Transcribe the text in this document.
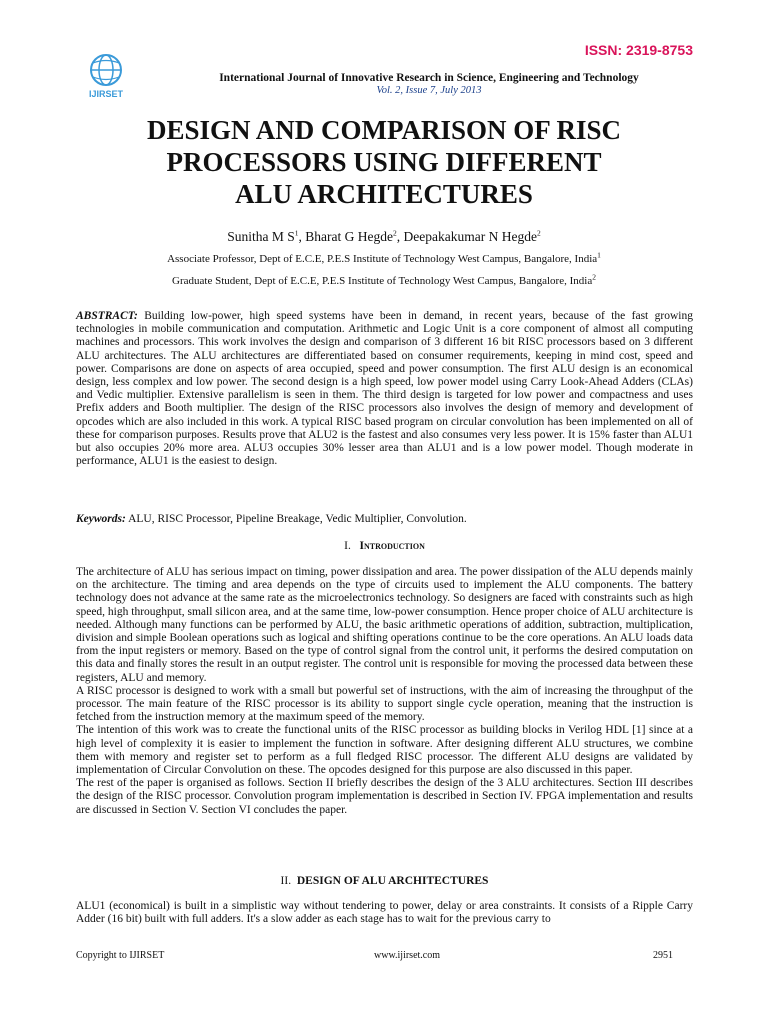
ISSN: 2319-8753
IJIRSET
International Journal of Innovative Research in Science, Engineering and Technology
Vol. 2, Issue 7, July 2013
DESIGN AND COMPARISON OF RISC
PROCESSORS USING DIFFERENT
ALU ARCHITECTURES
Sunitha M $S^1$, Bharat G Hegde$^2$, Deepakakumar N Hegde$^2$
Associate Professor, Dept of E.C.E, P.E.S Institute of Technology West Campus, Bangalore, India$^1$
Graduate Student, Dept of E.C.E, P.E.S Institute of Technology West Campus, Bangalore, India$^2$
ABSTRACT: Building low-power, high speed systems have been in demand, in recent years, because of the fast growing technologies in mobile communication and computation. Arithmetic and Logic Unit is a core component of almost all computing machines and processors. This work involves the design and comparison of 3 different 16 bit RISC processors based on 3 different ALU architectures. The ALU architectures are differentiated based on consumer requirements, keeping in mind cost, speed and power. Comparisons are done on aspects of area occupied, speed and power consumption. The first ALU design is an economical design, less complex and low power. The second design is a high speed, low power model using Carry Look-Ahead Adders (CLAs) and Vedic multiplier. Extensive parallelism is seen in them. The third design is targeted for low power and compactness and uses Prefix adders and Booth multiplier. The design of the RISC processors also involves the design of memory and development of opcodes which are also included in this work. A typical RISC based program on circular convolution has been implemented on all of these for comparison purposes. Results prove that ALU2 is the fastest and also consumes very less power. It is 15% faster than ALU1 but also occupies 20% more area. ALU3 occupies 30% lesser area than ALU1 and is a low power model. Though moderate in performance, ALU1 is the easiest to design.
Keywords: ALU, RISC Processor, Pipeline Breakage, Vedic Multiplier, Convolution.
I. Introduction

The architecture of ALU has serious impact on timing, power dissipation and area. The power dissipation of the ALU depends mainly on the architecture. The timing and area depends on the type of circuits used to implement the ALU components. The battery technology does not advance at the same rate as the microelectronics technology. So designers are faced with constraints such as high speed, high throughput, small silicon area, and at the same time, low-power consumption. Hence proper choice of ALU architecture is needed. Although many functions can be performed by ALU, the basic arithmetic operations of addition, subtraction, multiplication, division and simple Boolean operations such as logical and shifting operations continue to be the core operations. An ALU loads data from the input registers or memory. Based on the type of control signal from the control unit, it performs the desired computation on this data and finally stores the result in an output register. The control unit is responsible for moving the processed data between these registers, ALU and memory.

A RISC processor is designed to work with a small but powerful set of instructions, with the aim of increasing the throughput of the processor. The main feature of the RISC processor is its ability to support single cycle operation, meaning that the instruction is fetched from the instruction memory at the maximum speed of the memory.

The intention of this work was to create the functional units of the RISC processor as building blocks in Verilog HDL [1] since at a high level of complexity it is easier to implement the function in software. After designing different ALU structures, we combine them with memory and register set to perform as a full fledged RISC processor. The different ALU designs are validated by implementation of Circular Convolution on these. The opcodes designed for this purpose are also discussed in this paper.

The rest of the paper is organised as follows. Section II briefly describes the design of the 3 ALU architectures. Section III describes the design of the RISC processor. Convolution program implementation is described in Section IV. FPGA implementation and results are discussed in Section V. Section VI concludes the paper.

II. DESIGN OF ALU ARCHITECTURES
ALU1 (economical) is built in a simplistic way without tendering to power, delay or area constraints. It consists of a Ripple Carry Adder (16 bit) built with full adders. It's a slow adder as each stage has to wait for the previous carry to
Copyright to IJIRSET	www.ijirset.com	2951
